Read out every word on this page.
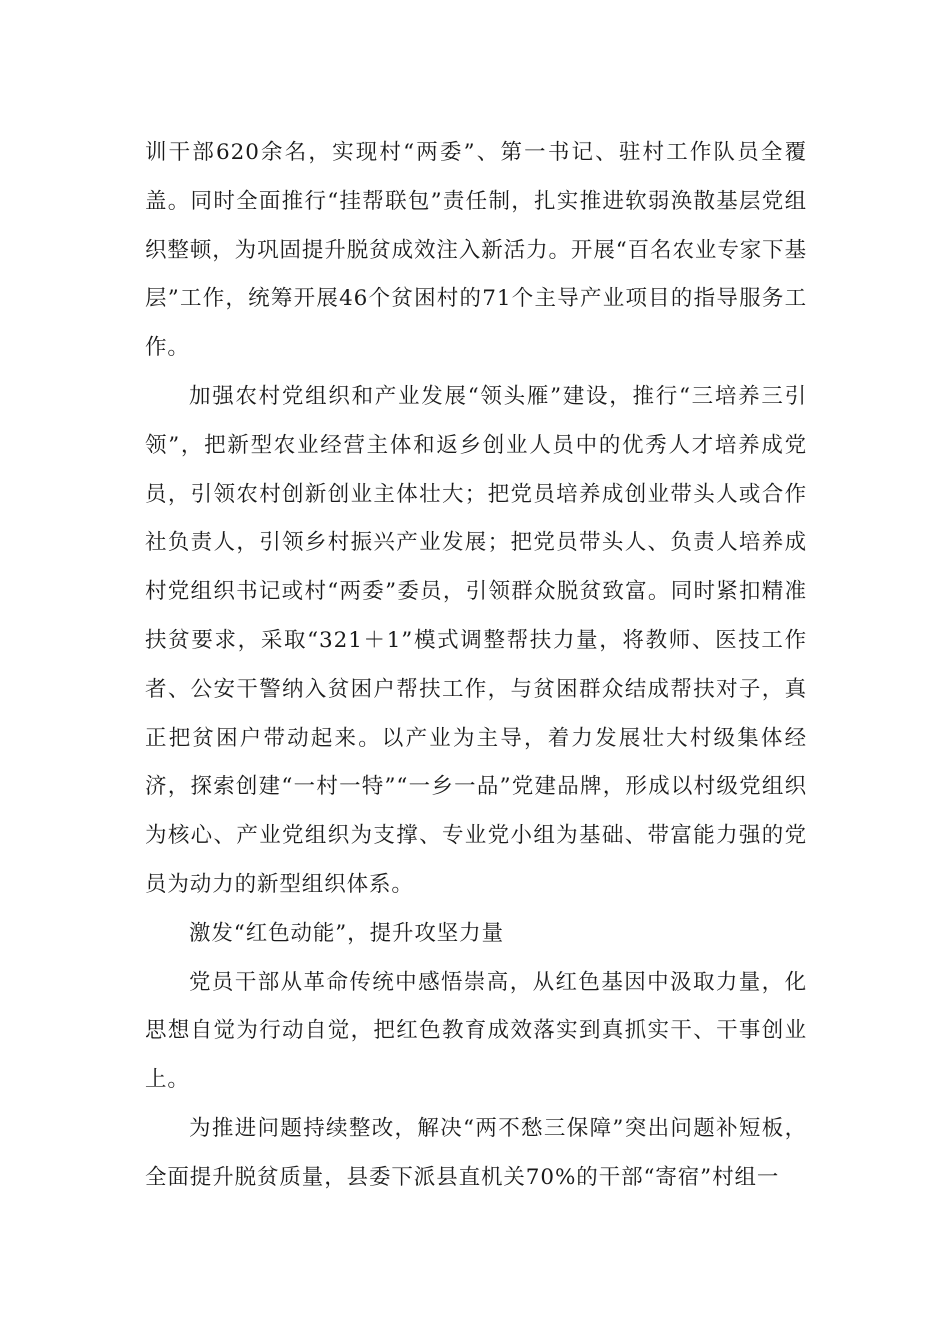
训干部620余名，实现村“两委”、第一书记、驻村工作队员全覆盖。同时全面推行“挂帮联包”责任制，扎实推进软弱涣散基层党组织整顿，为巩固提升脱贫成效注入新活力。开展“百名农业专家下基层”工作，统筹开展46个贫困村的71个主导产业项目的指导服务工作。

加强农村党组织和产业发展“领头雁”建设，推行“三培养三引领”，把新型农业经营主体和返乡创业人员中的优秀人才培养成党员，引领农村创新创业主体壮大；把党员培养成创业带头人或合作社负责人，引领乡村振兴产业发展；把党员带头人、负责人培养成村党组织书记或村“两委”委员，引领群众脱贫致富。同时紧扣精准扶贫要求，采取“321＋1”模式调整帮扶力量，将教师、医技工作者、公安干警纳入贫困户帮扶工作，与贫困群众结成帮扶对子，真正把贫困户带动起来。以产业为主导，着力发展壮大村级集体经济，探索创建“一村一特”“一乡一品”党建品牌，形成以村级党组织为核心、产业党组织为支撑、专业党小组为基础、带富能力强的党员为动力的新型组织体系。

激发“红色动能”，提升攻坚力量

党员干部从革命传统中感悟崇高，从红色基因中汲取力量，化思想自觉为行动自觉，把红色教育成效落实到真抓实干、干事创业上。

为推进问题持续整改，解决“两不愁三保障”突出问题补短板，全面提升脱贫质量，县委下派县直机关70%的干部“寄宿”村组一
